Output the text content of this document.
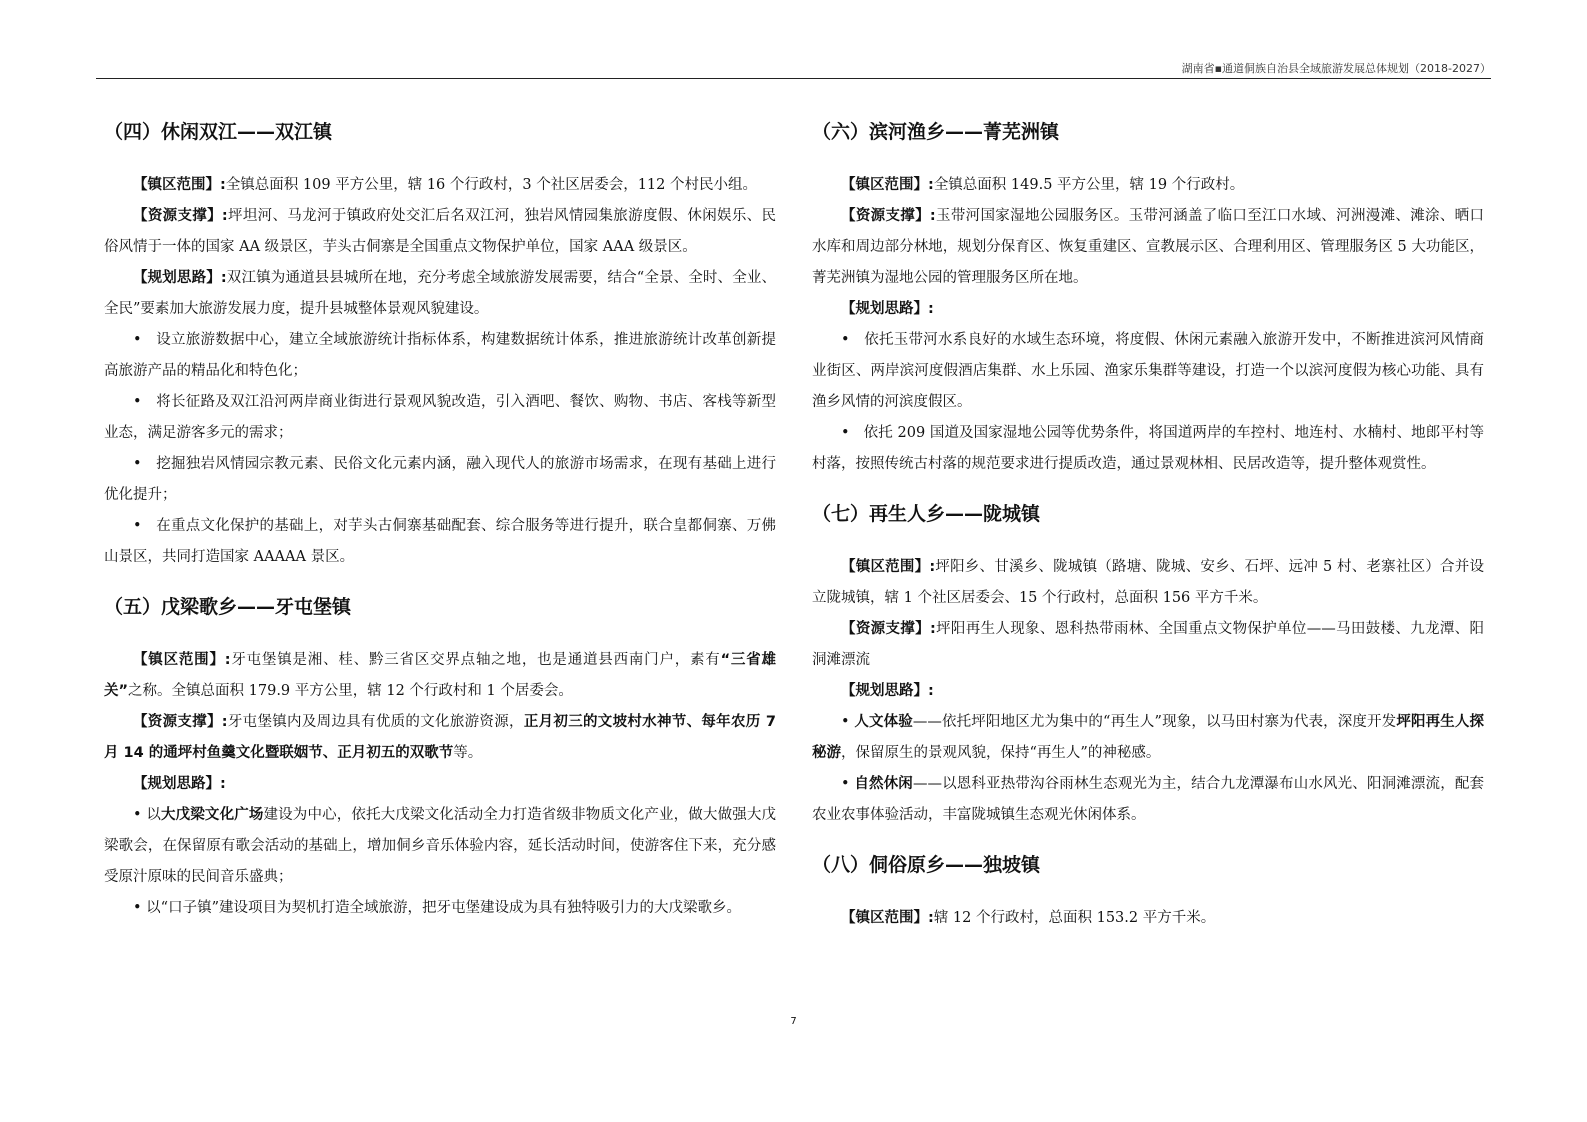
湖南省▪通道侗族自治县全域旅游发展总体规划（2018-2027）
（四）休闲双江——双江镇

【镇区范围】:全镇总面积 109 平方公里，辖 16 个行政村，3 个社区居委会，112 个村民小组。

【资源支撑】:坪坦河、马龙河于镇政府处交汇后名双江河，独岩风情园集旅游度假、休闲娱乐、民俗风情于一体的国家 AA 级景区，芋头古侗寨是全国重点文物保护单位，国家 AAA 级景区。

【规划思路】:双江镇为通道县县城所在地，充分考虑全域旅游发展需要，结合“全景、全时、全业、全民”要素加大旅游发展力度，提升县城整体景观风貌建设。

• 设立旅游数据中心，建立全域旅游统计指标体系，构建数据统计体系，推进旅游统计改革创新提高旅游产品的精品化和特色化；

• 将长征路及双江沿河两岸商业街进行景观风貌改造，引入酒吧、餐饮、购物、书店、客栈等新型业态，满足游客多元的需求；

• 挖掘独岩风情园宗教元素、民俗文化元素内涵，融入现代人的旅游市场需求，在现有基础上进行优化提升；

• 在重点文化保护的基础上，对芋头古侗寨基础配套、综合服务等进行提升，联合皇都侗寨、万佛山景区，共同打造国家 AAAAA 景区。

（五）戊梁歌乡——牙屯堡镇

【镇区范围】:牙屯堡镇是湘、桂、黔三省区交界点轴之地，也是通道县西南门户，素有“三省雄关”之称。全镇总面积 179.9 平方公里，辖 12 个行政村和 1 个居委会。

【资源支撑】:牙屯堡镇内及周边具有优质的文化旅游资源，正月初三的文坡村水神节、每年农历 7 月 14 的通坪村鱼羹文化暨联姻节、正月初五的双歌节等。

【规划思路】:

• 以大戊梁文化广场建设为中心，依托大戊梁文化活动全力打造省级非物质文化产业，做大做强大戊梁歌会，在保留原有歌会活动的基础上，增加侗乡音乐体验内容，延长活动时间，使游客住下来，充分感受原汁原味的民间音乐盛典；

• 以“口子镇”建设项目为契机打造全域旅游，把牙屯堡建设成为具有独特吸引力的大戊梁歌乡。

（六）滨河渔乡——菁芜洲镇

【镇区范围】:全镇总面积 149.5 平方公里，辖 19 个行政村。

【资源支撑】:玉带河国家湿地公园服务区。玉带河涵盖了临口至江口水域、河洲漫滩、滩涂、晒口水库和周边部分林地，规划分保育区、恢复重建区、宣教展示区、合理利用区、管理服务区 5 大功能区，菁芜洲镇为湿地公园的管理服务区所在地。

【规划思路】:

• 依托玉带河水系良好的水域生态环境，将度假、休闲元素融入旅游开发中，不断推进滨河风情商业街区、两岸滨河度假酒店集群、水上乐园、渔家乐集群等建设，打造一个以滨河度假为核心功能、具有渔乡风情的河滨度假区。

• 依托 209 国道及国家湿地公园等优势条件，将国道两岸的车控村、地连村、水楠村、地郎平村等村落，按照传统古村落的规范要求进行提质改造，通过景观林相、民居改造等，提升整体观赏性。

（七）再生人乡——陇城镇

【镇区范围】:坪阳乡、甘溪乡、陇城镇（路塘、陇城、安乡、石坪、远冲 5 村、老寨社区）合并设立陇城镇，辖 1 个社区居委会、15 个行政村，总面积 156 平方千米。

【资源支撑】:坪阳再生人现象、恩科热带雨林、全国重点文物保护单位——马田鼓楼、九龙潭、阳洞滩漂流

【规划思路】:

• 人文体验——依托坪阳地区尤为集中的“再生人”现象，以马田村寨为代表，深度开发坪阳再生人探秘游，保留原生的景观风貌，保持“再生人”的神秘感。

• 自然休闲——以恩科亚热带沟谷雨林生态观光为主，结合九龙潭瀑布山水风光、阳洞滩漂流，配套农业农事体验活动，丰富陇城镇生态观光休闲体系。

（八）侗俗原乡——独坡镇

【镇区范围】:辖 12 个行政村，总面积 153.2 平方千米。

7
